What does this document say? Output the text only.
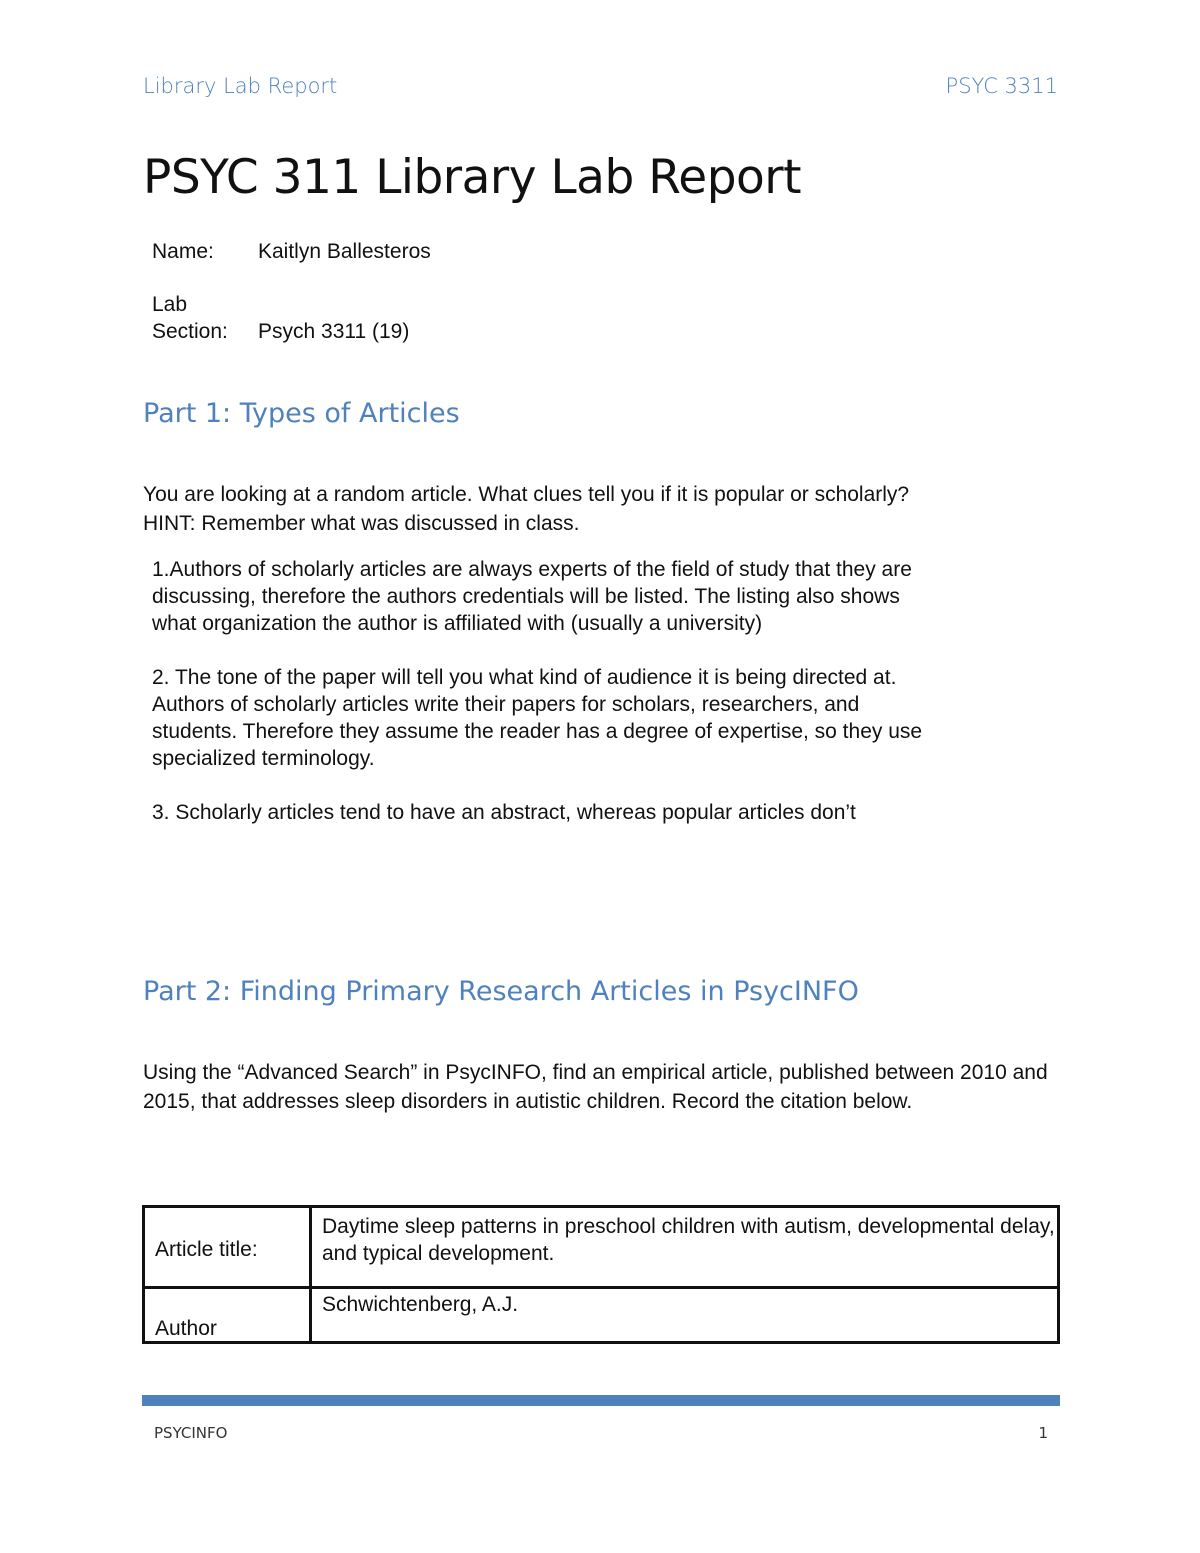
Library Lab Report	PSYC 3311
PSYC 311 Library Lab Report
Name:	Kaitlyn Ballesteros
Lab
Section:	Psych 3311 (19)
Part 1: Types of Articles

You are looking at a random article. What clues tell you if it is popular or scholarly?

HINT: Remember what was discussed in class.

1.Authors of scholarly articles are always experts of the field of study that they are discussing, therefore the authors credentials will be listed. The listing also shows what organization the author is affiliated with (usually a university)

2. The tone of the paper will tell you what kind of audience it is being directed at. Authors of scholarly articles write their papers for scholars, researchers, and students. Therefore they assume the reader has a degree of expertise, so they use specialized terminology.

3. Scholarly articles tend to have an abstract, whereas popular articles don’t

Part 2: Finding Primary Research Articles in PsycINFO

Using the “Advanced Search” in PsycINFO, find an empirical article, published between 2010 and 2015, that addresses sleep disorders in autistic children. Record the citation below.

Article title:	Daytime sleep patterns in preschool children with autism, developmental delay, and typical development.

Author	Schwichtenberg, A.J.
PSYCINFO	1
